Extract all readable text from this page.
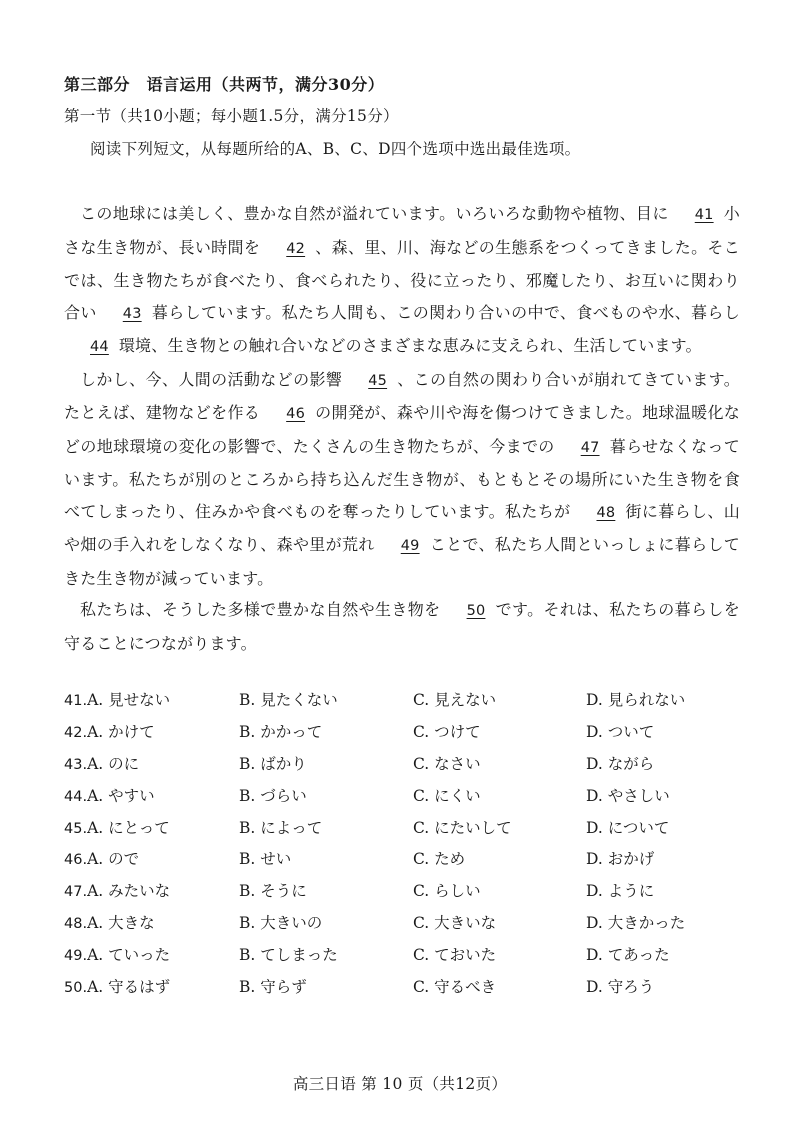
第三部分　语言运用（共两节，满分30分）
第一节（共10小题；每小题1.5分，满分15分）
阅读下列短文，从每题所给的A、B、C、D四个选项中选出最佳选项。

この地球には美しく、豊かな自然が溢れています。いろいろな動物や植物、目に 41 小さな生き物が、長い時間を 42 、森、里、川、海などの生態系をつくってきました。そこでは、生き物たちが食べたり、食べられたり、役に立ったり、邪魔したり、お互いに関わり合い 43 暮らしています。私たち人間も、この関わり合いの中で、食べものや水、暮らし44 環境、生き物との触れ合いなどのさまざまな恵みに支えられ、生活しています。

しかし、今、人間の活動などの影響 45 、この自然の関わり合いが崩れてきています。たとえば、建物などを作る 46 の開発が、森や川や海を傷つけてきました。地球温暖化などの地球環境の変化の影響で、たくさんの生き物たちが、今までの 47 暮らせなくなっています。私たちが別のところから持ち込んだ生き物が、もともとその場所にいた生き物を食べてしまったり、住みかや食べものを奪ったりしています。私たちが 48 街に暮らし、山や畑の手入れをしなくなり、森や里が荒れ 49 ことで、私たち人間といっしょに暮らしてきた生き物が減っています。

私たちは、そうした多様で豊かな自然や生き物を 50 です。それは、私たちの暮らしを守ることにつながります。

41.A. 見せない	B. 見たくない	C. 見えない	D. 見られない
42.A. かけて	B. かかって	C. つけて	D. ついて
43.A. のに	B. ばかり	C. なさい	D. ながら
44.A. やすい	B. づらい	C. にくい	D. やさしい
45.A. にとって	B. によって	C. にたいして	D. について
46.A. ので	B. せい	C. ため	D. おかげ
47.A. みたいな	B. そうに	C. らしい	D. ように
48.A. 大きな	B. 大きいの	C. 大きいな	D. 大きかった
49.A. ていった	B. てしまった	C. ておいた	D. てあった
50.A. 守るはず	B. 守らず	C. 守るべき	D. 守ろう
高三日语 第 10 页（共12页）
